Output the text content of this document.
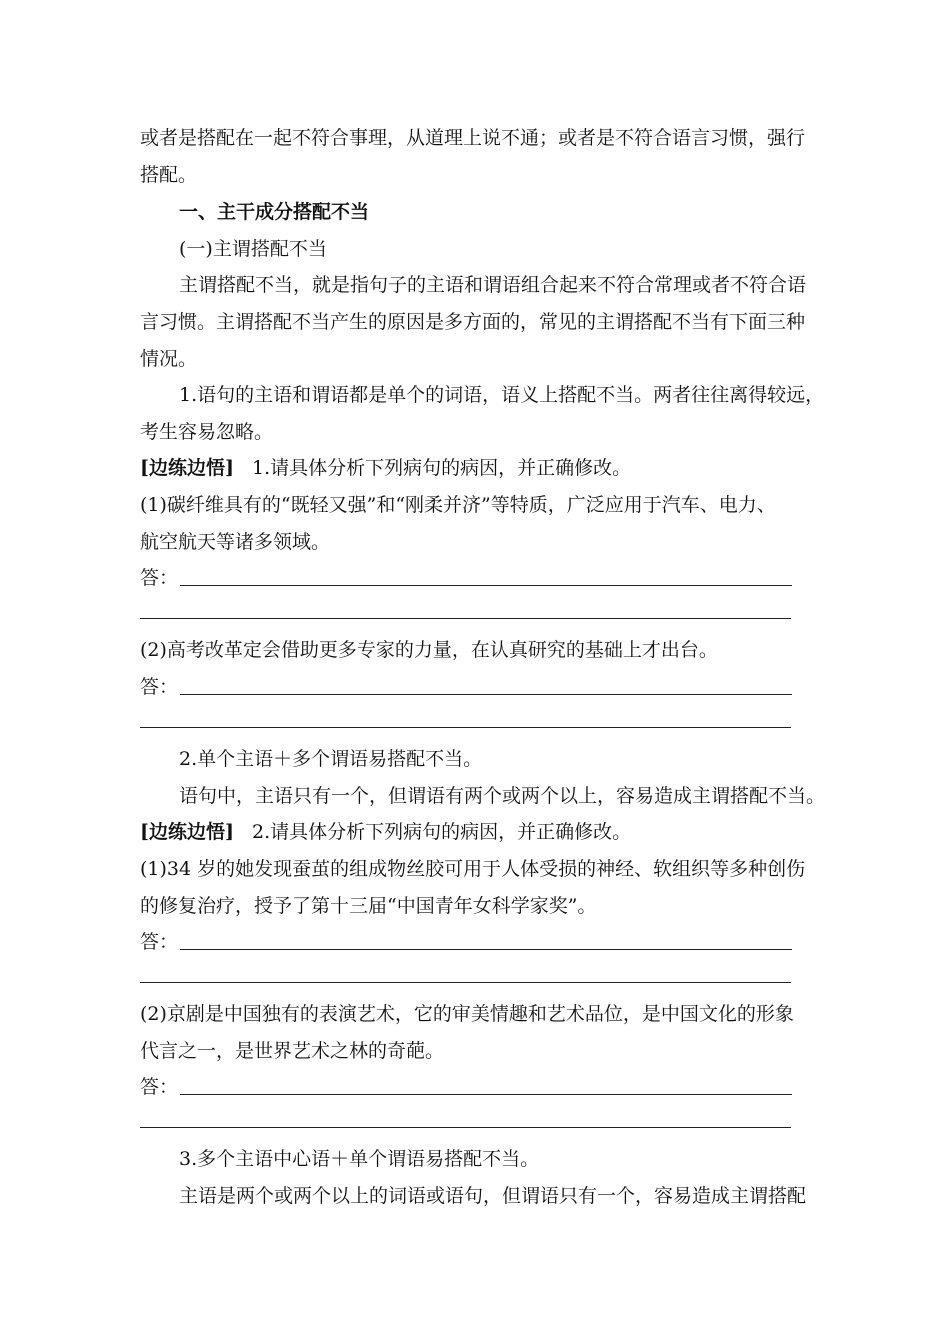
或者是搭配在一起不符合事理，从道理上说不通；或者是不符合语言习惯，强行
搭配。
一、主干成分搭配不当
(一)主谓搭配不当
主谓搭配不当，就是指句子的主语和谓语组合起来不符合常理或者不符合语
言习惯。主谓搭配不当产生的原因是多方面的，常见的主谓搭配不当有下面三种
情况。
1.语句的主语和谓语都是单个的词语，语义上搭配不当。两者往往离得较远，
考生容易忽略。
[边练边悟] 1.请具体分析下列病句的病因，并正确修改。
(1)碳纤维具有的“既轻又强”和“刚柔并济”等特质，广泛应用于汽车、电力、
航空航天等诸多领域。
答：
(2)高考改革定会借助更多专家的力量，在认真研究的基础上才出台。
答：
2.单个主语＋多个谓语易搭配不当。
语句中，主语只有一个，但谓语有两个或两个以上，容易造成主谓搭配不当。
[边练边悟] 2.请具体分析下列病句的病因，并正确修改。
(1)34 岁的她发现蚕茧的组成物丝胶可用于人体受损的神经、软组织等多种创伤
的修复治疗，授予了第十三届“中国青年女科学家奖”。
答：
(2)京剧是中国独有的表演艺术，它的审美情趣和艺术品位，是中国文化的形象
代言之一，是世界艺术之林的奇葩。
答：
3.多个主语中心语＋单个谓语易搭配不当。
主语是两个或两个以上的词语或语句，但谓语只有一个，容易造成主谓搭配
